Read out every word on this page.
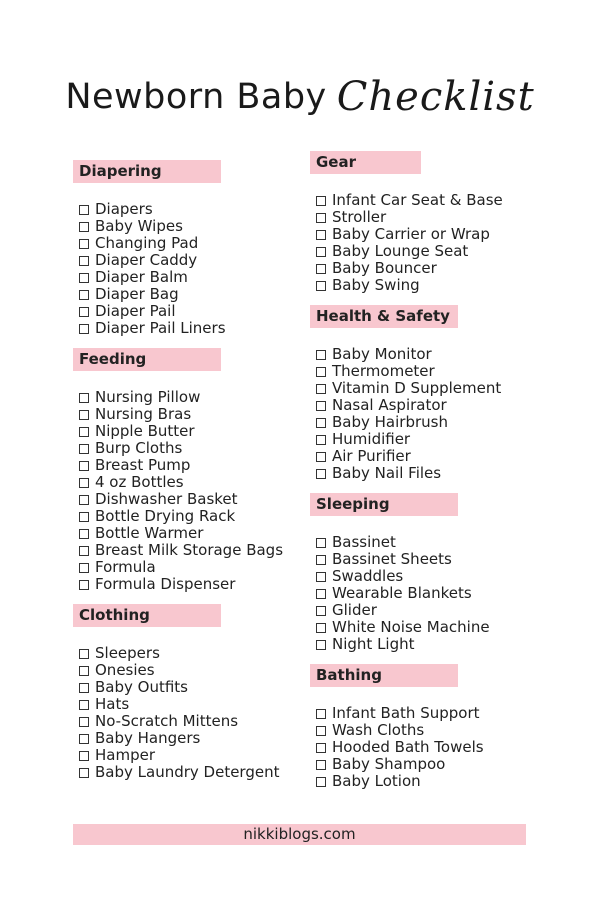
Newborn Baby Checklist
Diapering
Diapers
Baby Wipes
Changing Pad
Diaper Caddy
Diaper Balm
Diaper Bag
Diaper Pail
Diaper Pail Liners
Feeding
Nursing Pillow
Nursing Bras
Nipple Butter
Burp Cloths
Breast Pump
4 oz Bottles
Dishwasher Basket
Bottle Drying Rack
Bottle Warmer
Breast Milk Storage Bags
Formula
Formula Dispenser
Clothing
Sleepers
Onesies
Baby Outfits
Hats
No-Scratch Mittens
Baby Hangers
Hamper
Baby Laundry Detergent
Gear
Infant Car Seat & Base
Stroller
Baby Carrier or Wrap
Baby Lounge Seat
Baby Bouncer
Baby Swing
Health & Safety
Baby Monitor
Thermometer
Vitamin D Supplement
Nasal Aspirator
Baby Hairbrush
Humidifier
Air Purifier
Baby Nail Files
Sleeping
Bassinet
Bassinet Sheets
Swaddles
Wearable Blankets
Glider
White Noise Machine
Night Light
Bathing
Infant Bath Support
Wash Cloths
Hooded Bath Towels
Baby Shampoo
Baby Lotion
nikkiblogs.com
